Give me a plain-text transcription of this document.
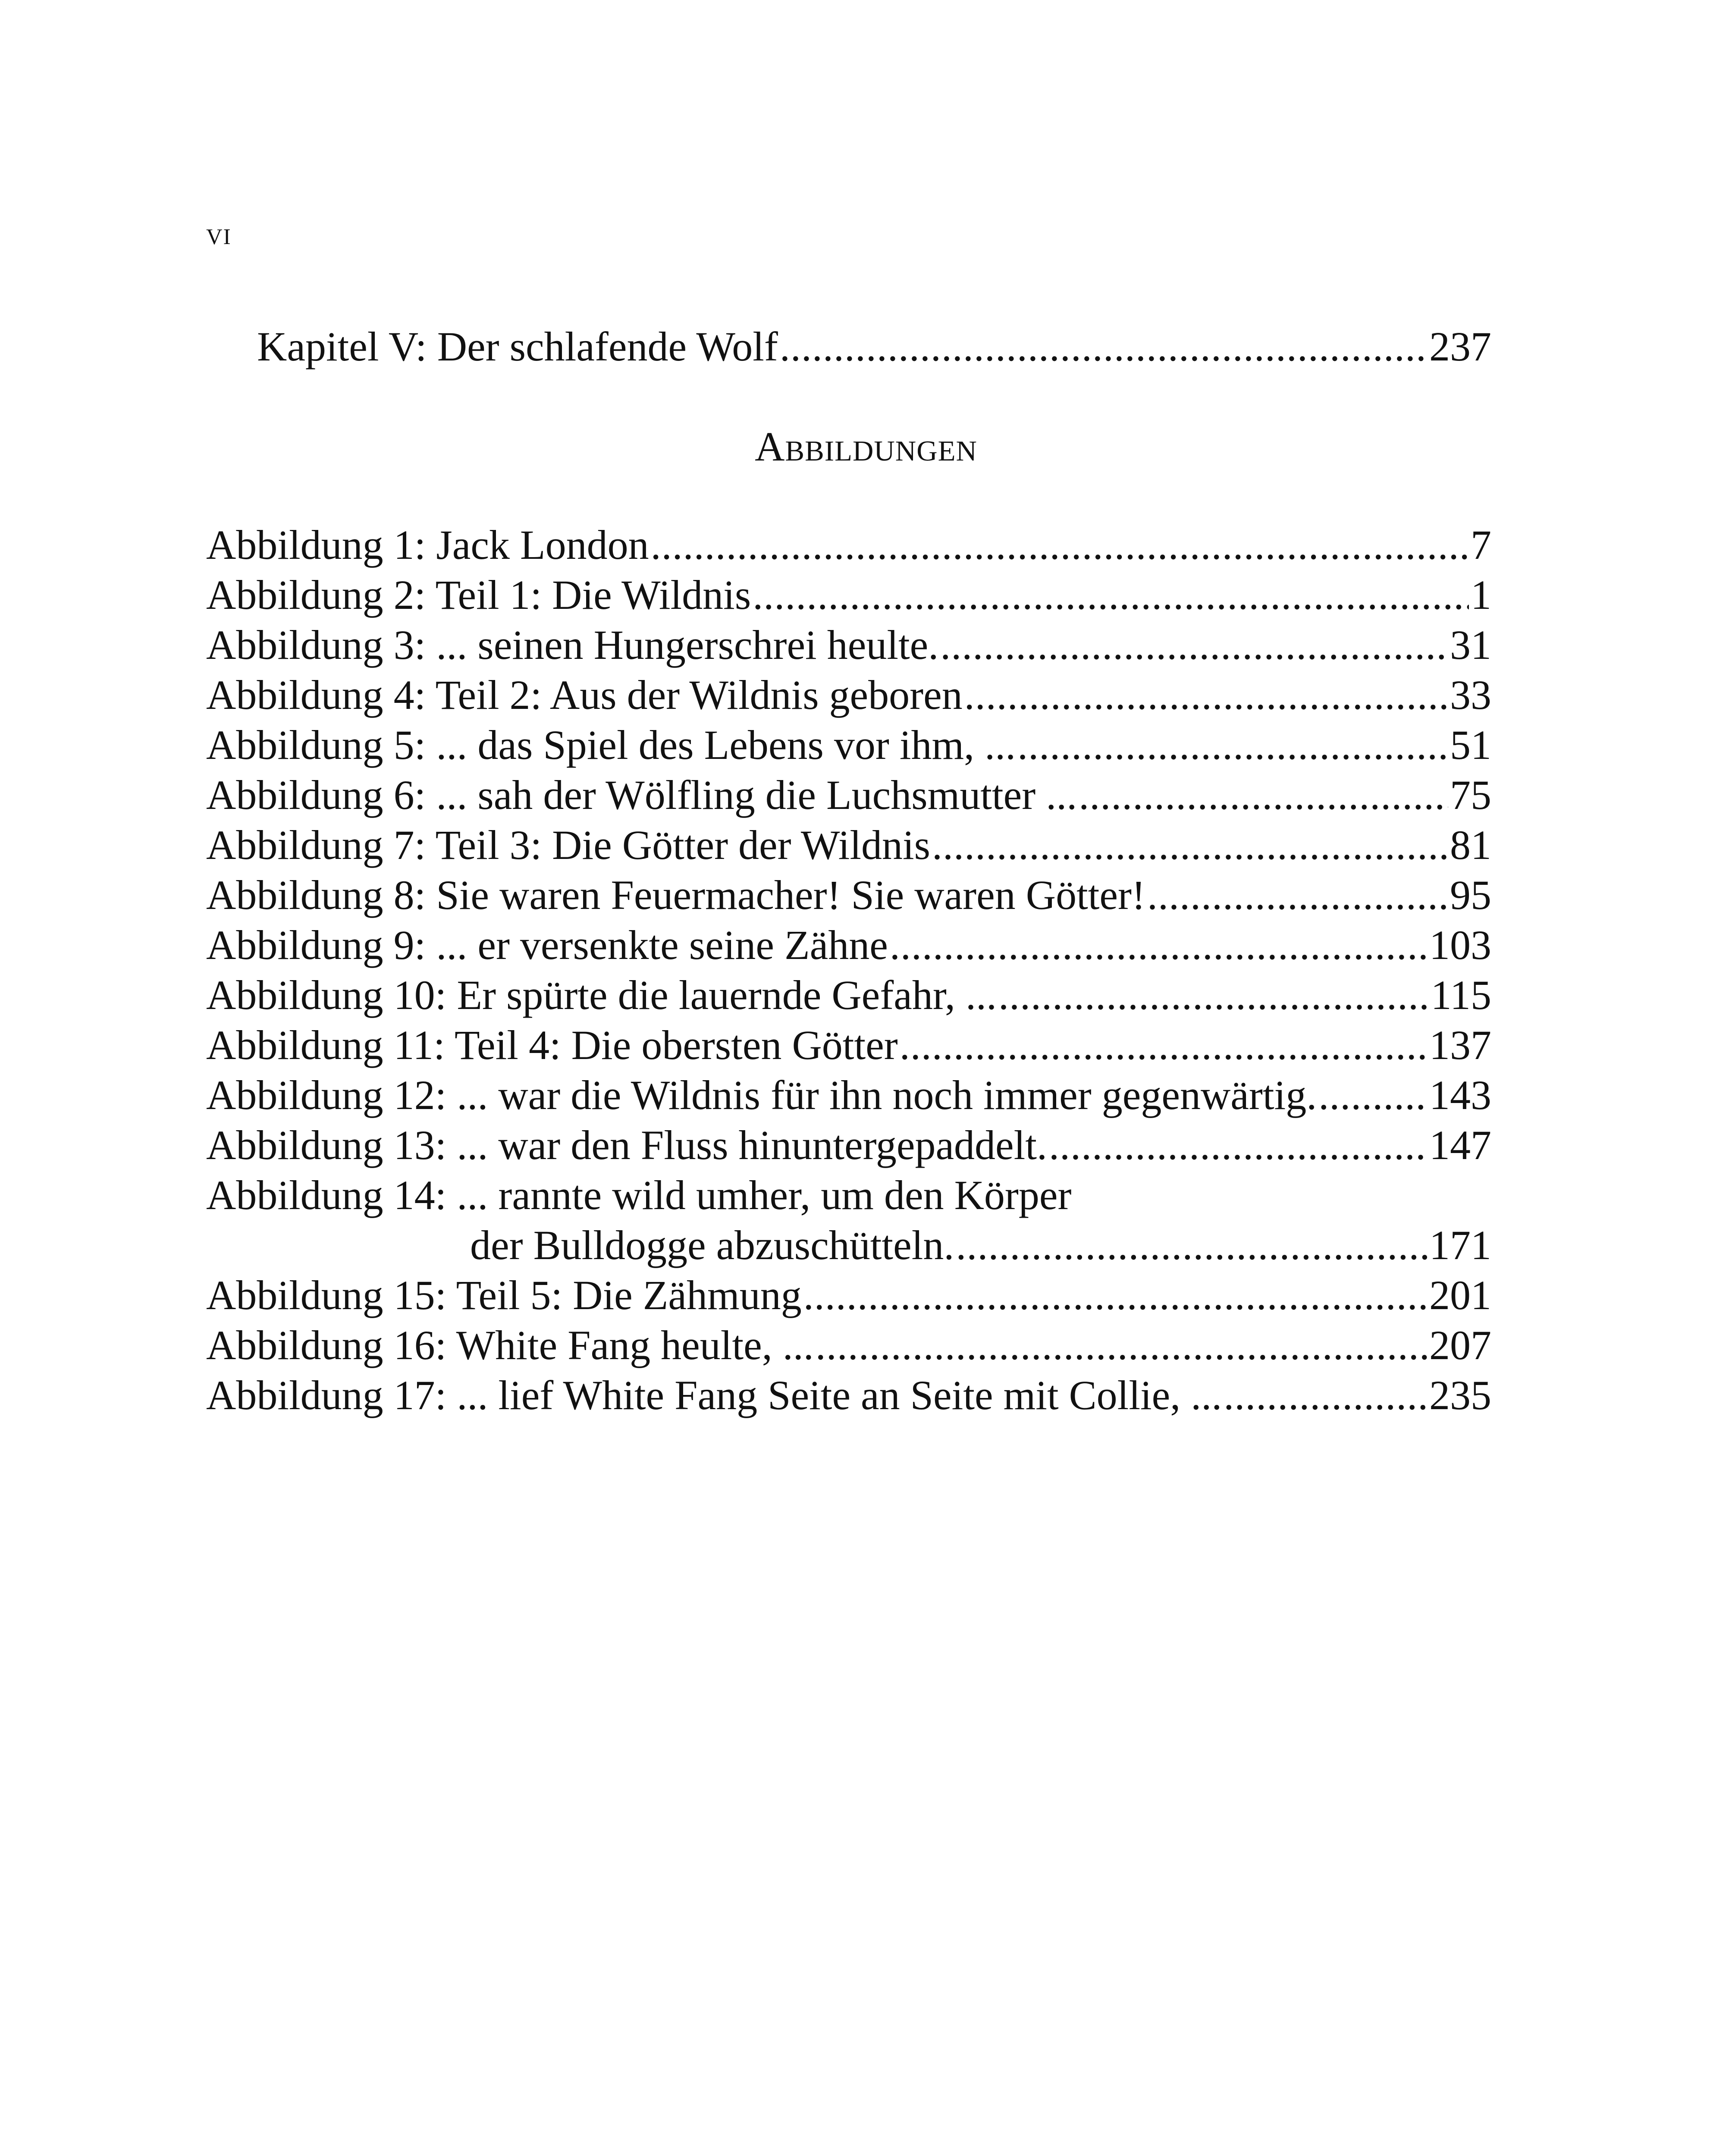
VI
Kapitel V: Der schlafende Wolf .....	237
Abbildungen
Abbildung 1: Jack London .....	7
Abbildung 2: Teil 1: Die Wildnis .....	1
Abbildung 3: ... seinen Hungerschrei heulte. .....	31
Abbildung 4: Teil 2: Aus der Wildnis geboren .....	33
Abbildung 5: ... das Spiel des Lebens vor ihm, ... .....	51
Abbildung 6: ... sah der Wölfling die Luchsmutter ... .....	75
Abbildung 7: Teil 3: Die Götter der Wildnis .....	81
Abbildung 8: Sie waren Feuermacher! Sie waren Götter! .....	95
Abbildung 9: ... er versenkte seine Zähne .....	103
Abbildung 10: Er spürte die lauernde Gefahr, ... .....	115
Abbildung 11: Teil 4: Die obersten Götter .....	137
Abbildung 12: ... war die Wildnis für ihn noch immer gegenwärtig. .....	143
Abbildung 13: ... war den Fluss hinuntergepaddelt. .....	147
Abbildung 14: ... rannte wild umher, um den Körper
der Bulldogge abzuschütteln. .....	171
Abbildung 15: Teil 5: Die Zähmung .....	201
Abbildung 16: White Fang heulte, ... .....	207
Abbildung 17: ... lief White Fang Seite an Seite mit Collie, ... .....	235
